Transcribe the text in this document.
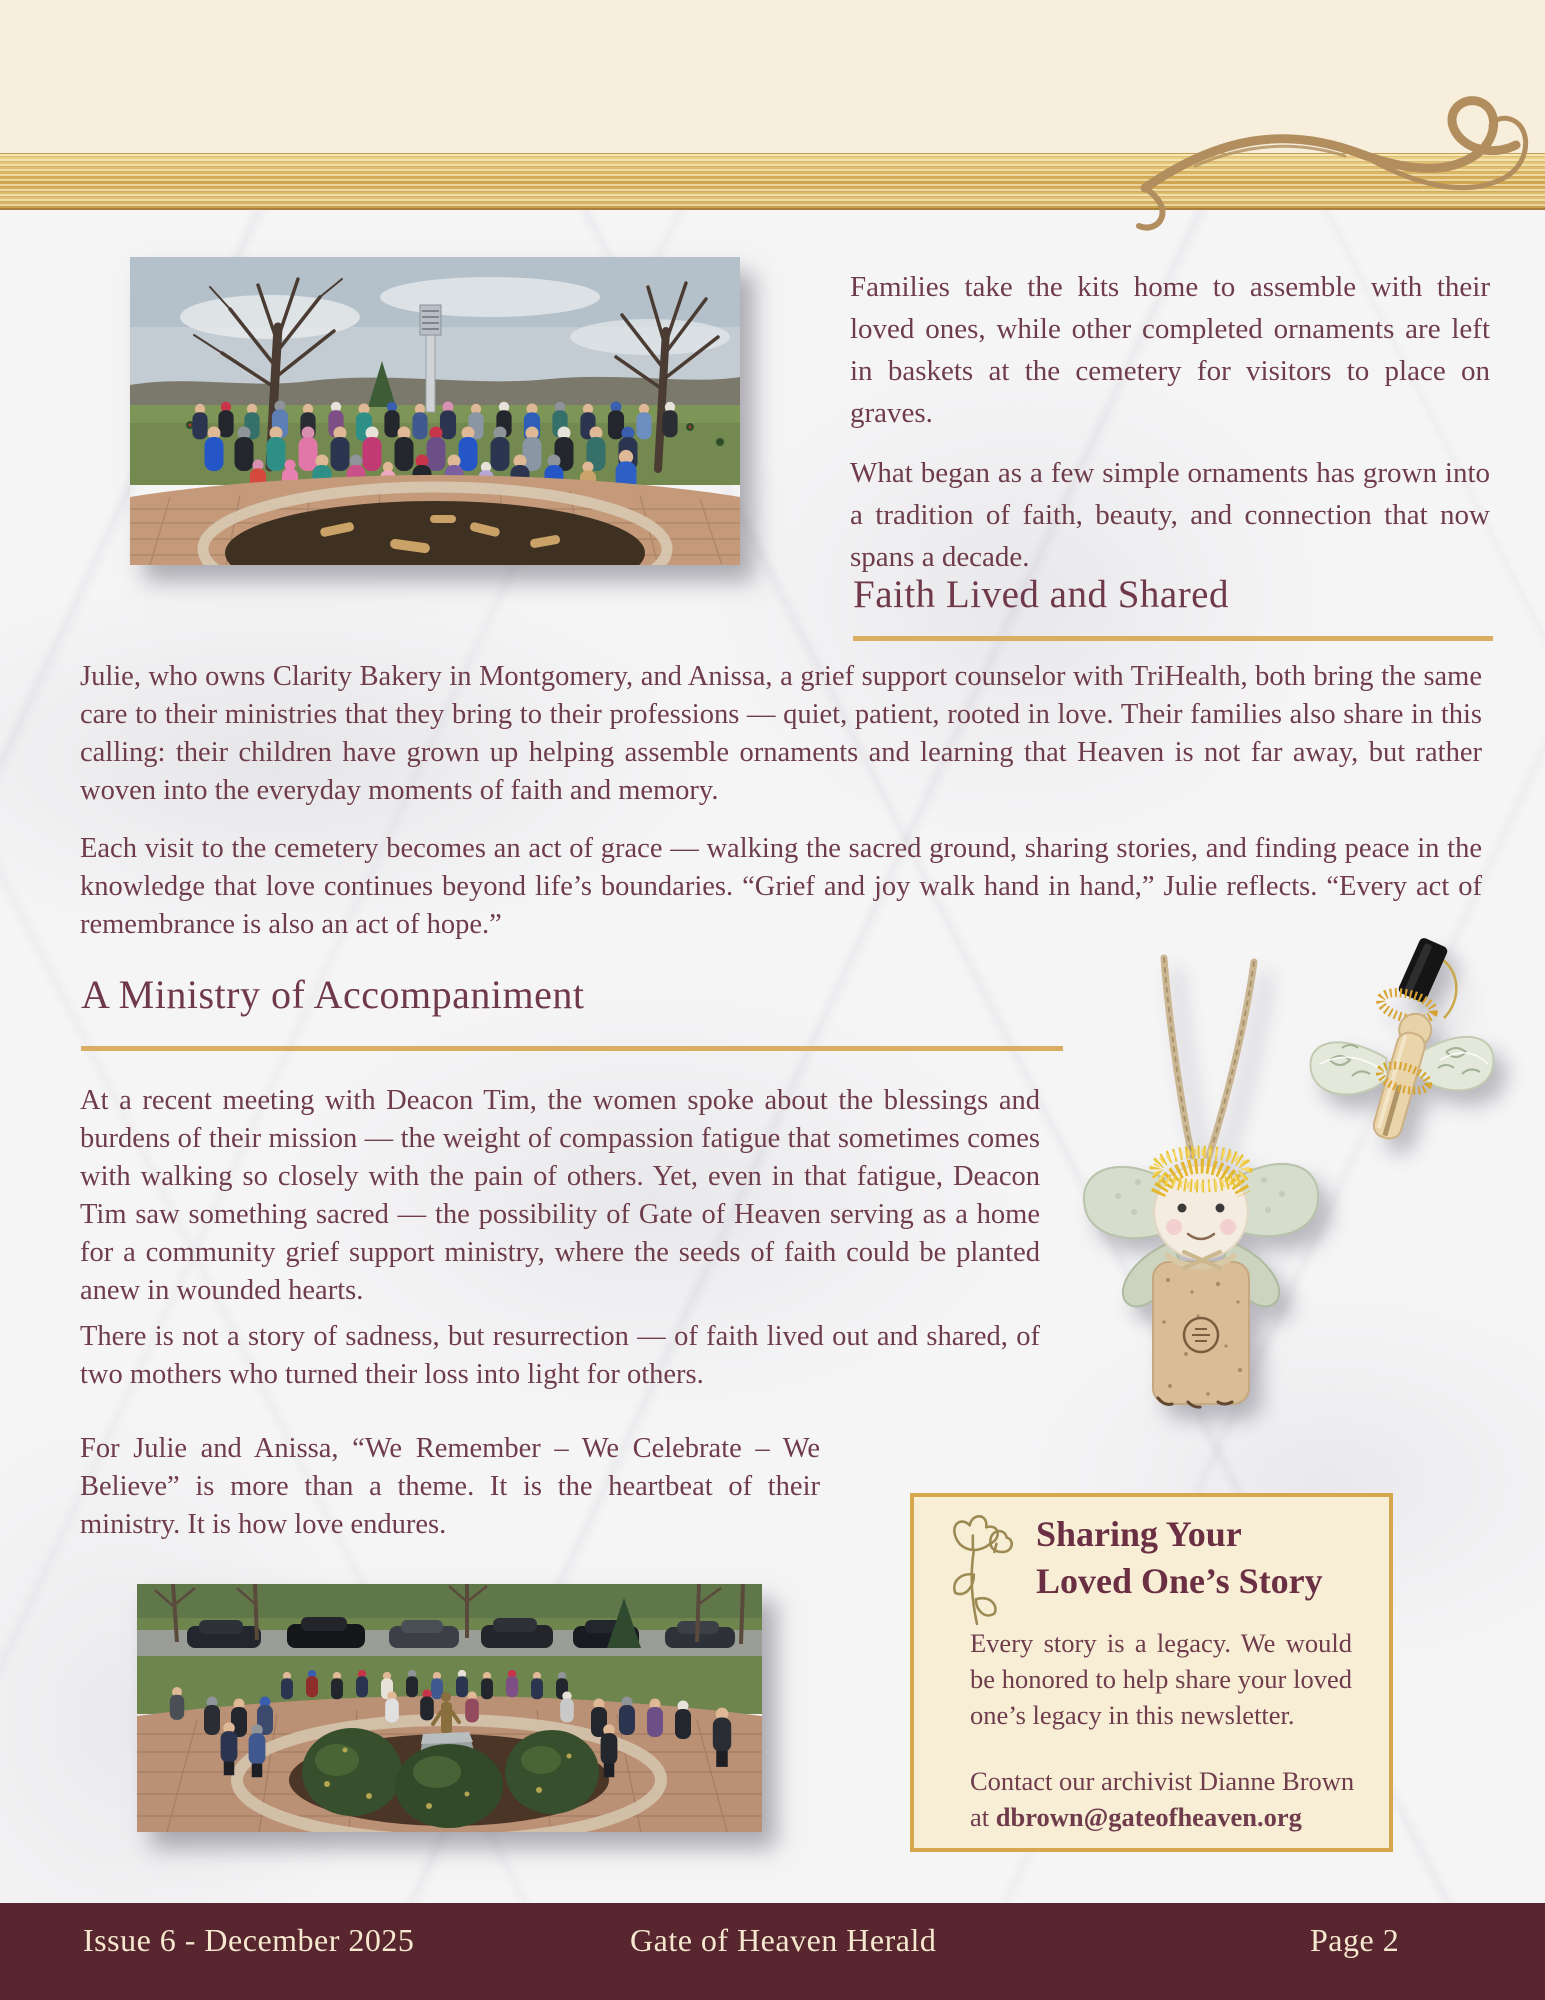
Families take the kits home to assemble with their loved ones, while other completed ornaments are left in baskets at the cemetery for visitors to place on graves.
What began as a few simple ornaments has grown into a tradition of faith, beauty, and connection that now spans a decade.
Faith Lived and Shared
Julie, who owns Clarity Bakery in Montgomery, and Anissa, a grief support counselor with TriHealth, both bring the same care to their ministries that they bring to their professions — quiet, patient, rooted in love. Their families also share in this calling: their children have grown up helping assemble ornaments and learning that Heaven is not far away, but rather woven into the everyday moments of faith and memory.
Each visit to the cemetery becomes an act of grace — walking the sacred ground, sharing stories, and finding peace in the knowledge that love continues beyond life’s boundaries. “Grief and joy walk hand in hand,” Julie reflects. “Every act of remembrance is also an act of hope.”
A Ministry of Accompaniment
At a recent meeting with Deacon Tim, the women spoke about the blessings and burdens of their mission — the weight of compassion fatigue that sometimes comes with walking so closely with the pain of others. Yet, even in that fatigue, Deacon Tim saw something sacred — the possibility of Gate of Heaven serving as a home for a community grief support ministry, where the seeds of faith could be planted anew in wounded hearts.
There is not a story of sadness, but resurrection — of faith lived out and shared, of two mothers who turned their loss into light for others.
For Julie and Anissa, “We Remember – We Celebrate – We Believe” is more than a theme. It is the heartbeat of their ministry. It is how love endures.	Sharing Your
Loved One’s Story
Every story is a legacy. We would be honored to help share your loved one’s legacy in this newsletter.
Contact our archivist Dianne Brown
at dbrown@gateofheaven.org
Issue 6 - December 2025	Gate of Heaven Herald	Page 2
